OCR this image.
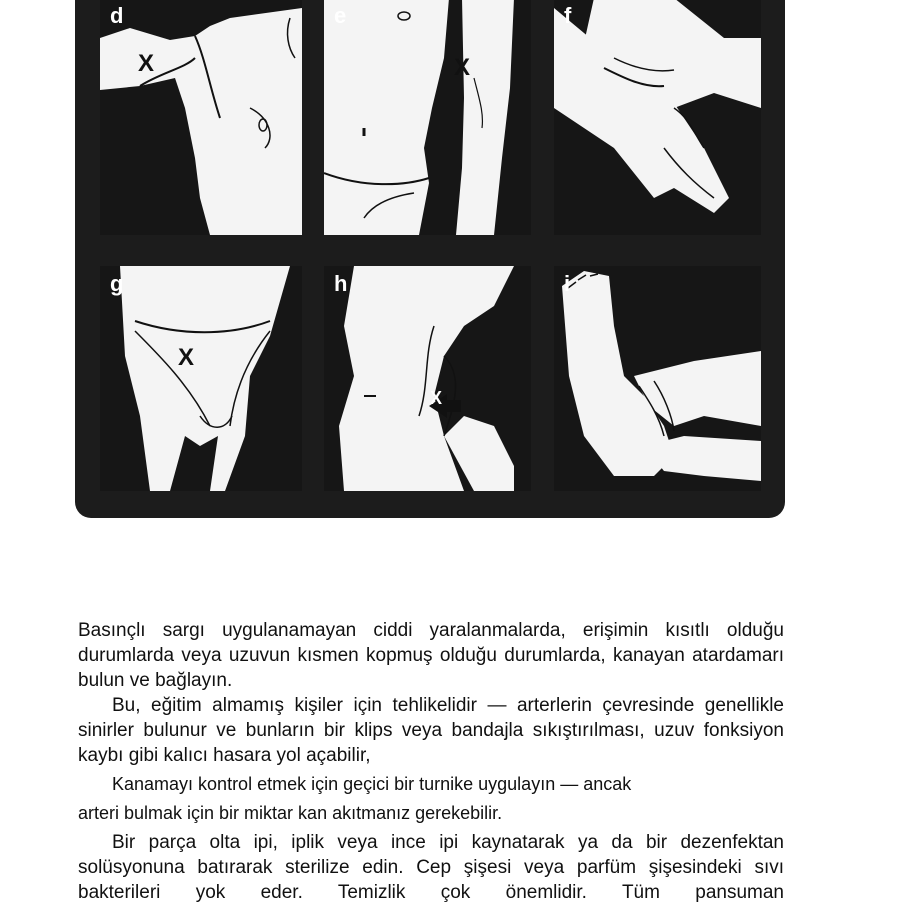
d
X
e
X
f
g
X
h
X
i

Basınçlı sargı uygulanamayan ciddi yaralanmalarda, erişimin kısıtlı olduğu durumlarda veya uzuvun kısmen kopmuş olduğu durumlarda, kanayan atardamarı bulun ve bağlayın.

Bu, eğitim almamış kişiler için tehlikelidir — arterlerin çevresinde genellikle sinirler bulunur ve bunların bir klips veya bandajla sıkıştırılması, uzuv fonksiyon kaybı gibi kalıcı hasara yol açabilir,

Kanamayı kontrol etmek için geçici bir turnike uygulayın — ancak

arteri bulmak için bir miktar kan akıtmanız gerekebilir.

Bir parça olta ipi, iplik veya ince ipi kaynatarak ya da bir dezenfektan solüsyonuna batırarak sterilize edin. Cep şişesi veya parfüm şişesindeki sıvı bakterileri yok eder. Temizlik çok önemlidir. Tüm pansuman
